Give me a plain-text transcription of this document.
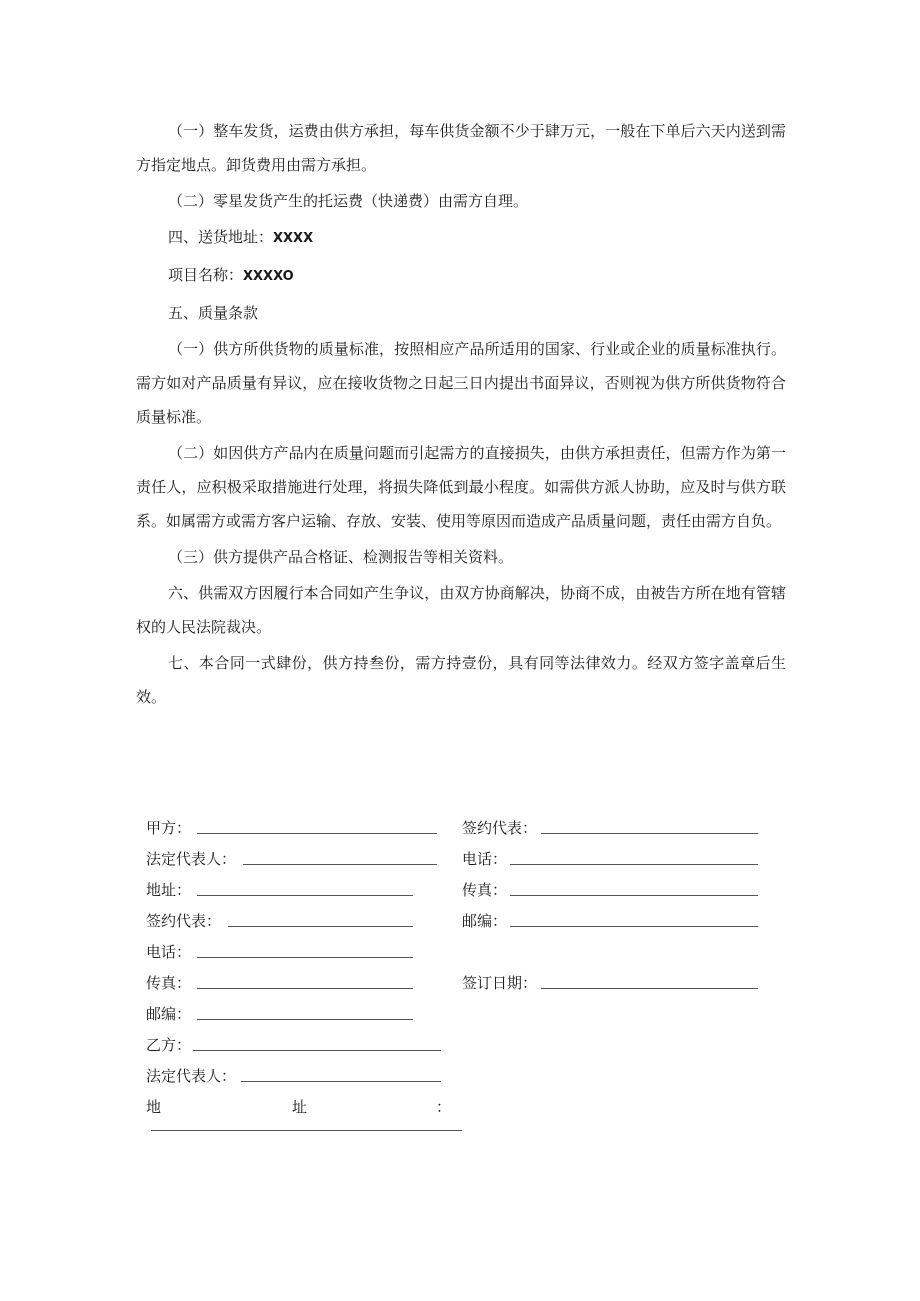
（一）整车发货，运费由供方承担，每车供货金额不少于肆万元，一般在下单后六天内送到需方指定地点。卸货费用由需方承担。

（二）零星发货产生的托运费（快递费）由需方自理。

四、送货地址：XXXX

项目名称：XXXXO

五、质量条款

（一）供方所供货物的质量标准，按照相应产品所适用的国家、行业或企业的质量标准执行。需方如对产品质量有异议，应在接收货物之日起三日内提出书面异议，否则视为供方所供货物符合质量标准。

（二）如因供方产品内在质量问题而引起需方的直接损失，由供方承担责任，但需方作为第一责任人，应积极采取措施进行处理，将损失降低到最小程度。如需供方派人协助，应及时与供方联系。如属需方或需方客户运输、存放、安装、使用等原因而造成产品质量问题，责任由需方自负。

（三）供方提供产品合格证、检测报告等相关资料。

六、供需双方因履行本合同如产生争议，由双方协商解决，协商不成，由被告方所在地有管辖权的人民法院裁决。

七、本合同一式肆份，供方持叁份，需方持壹份，具有同等法律效力。经双方签字盖章后生效。

甲方：
法定代表人：
地址：
签约代表：
电话：
传真：
邮编：
乙方：
法定代表人：
地	址	：
签约代表：
电话：
传真：
邮编：
签订日期：
